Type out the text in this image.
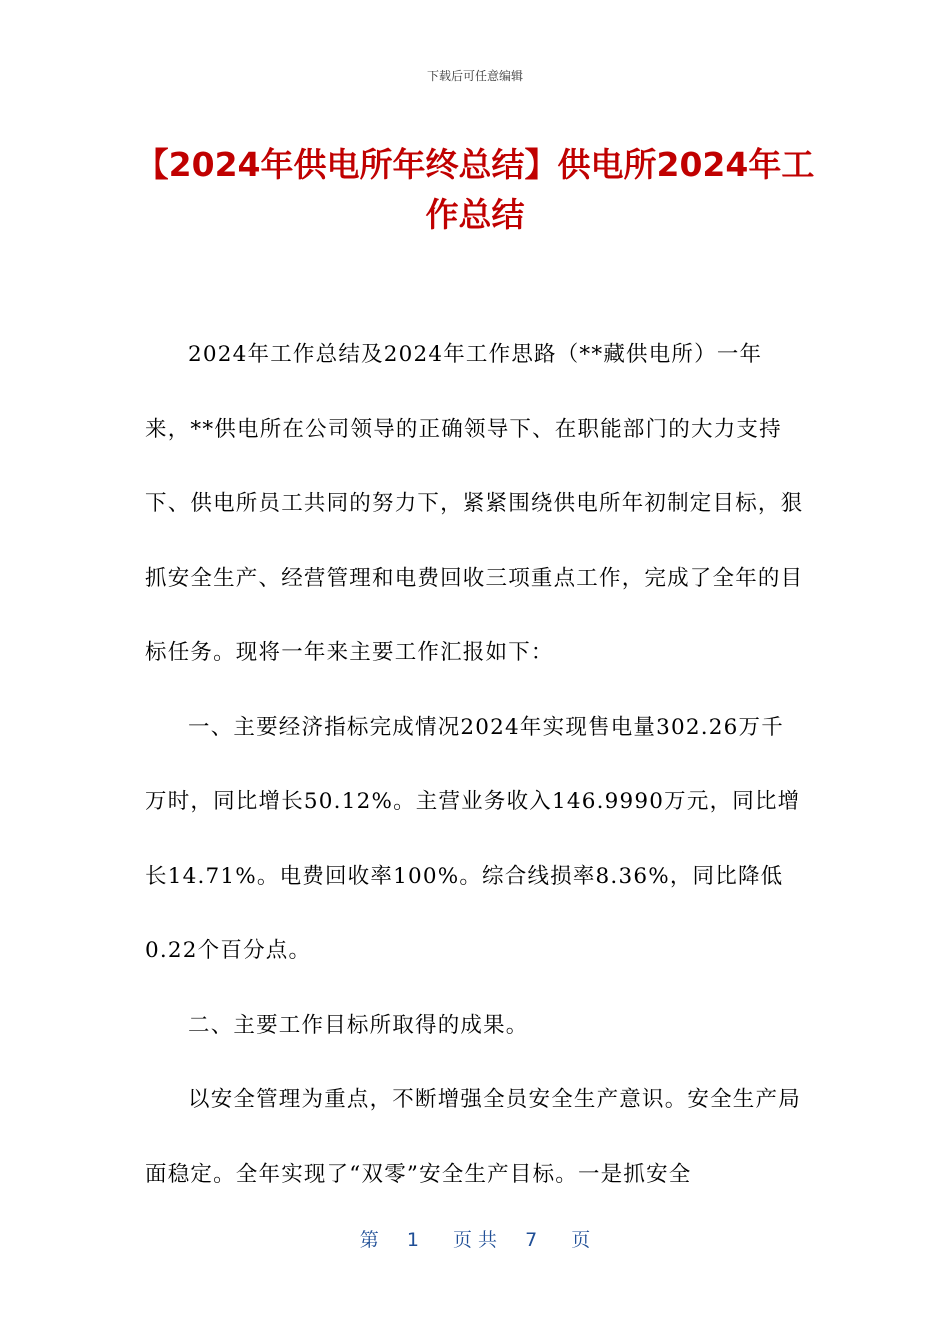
下载后可任意编辑
【2024年供电所年终总结】供电所2024年工作总结

2024年工作总结及2024年工作思路（**藏供电所）一年来，**供电所在公司领导的正确领导下、在职能部门的大力支持下、供电所员工共同的努力下，紧紧围绕供电所年初制定目标，狠抓安全生产、经营管理和电费回收三项重点工作，完成了全年的目标任务。现将一年来主要工作汇报如下：

一、主要经济指标完成情况2024年实现售电量302.26万千万时，同比增长50.12%。主营业务收入146.9990万元，同比增长14.71%。电费回收率100%。综合线损率8.36%，同比降低0.22个百分点。

二、主要工作目标所取得的成果。

以安全管理为重点，不断增强全员安全生产意识。安全生产局面稳定。全年实现了“双零”安全生产目标。一是抓安全

第 1 页 共 7 页
